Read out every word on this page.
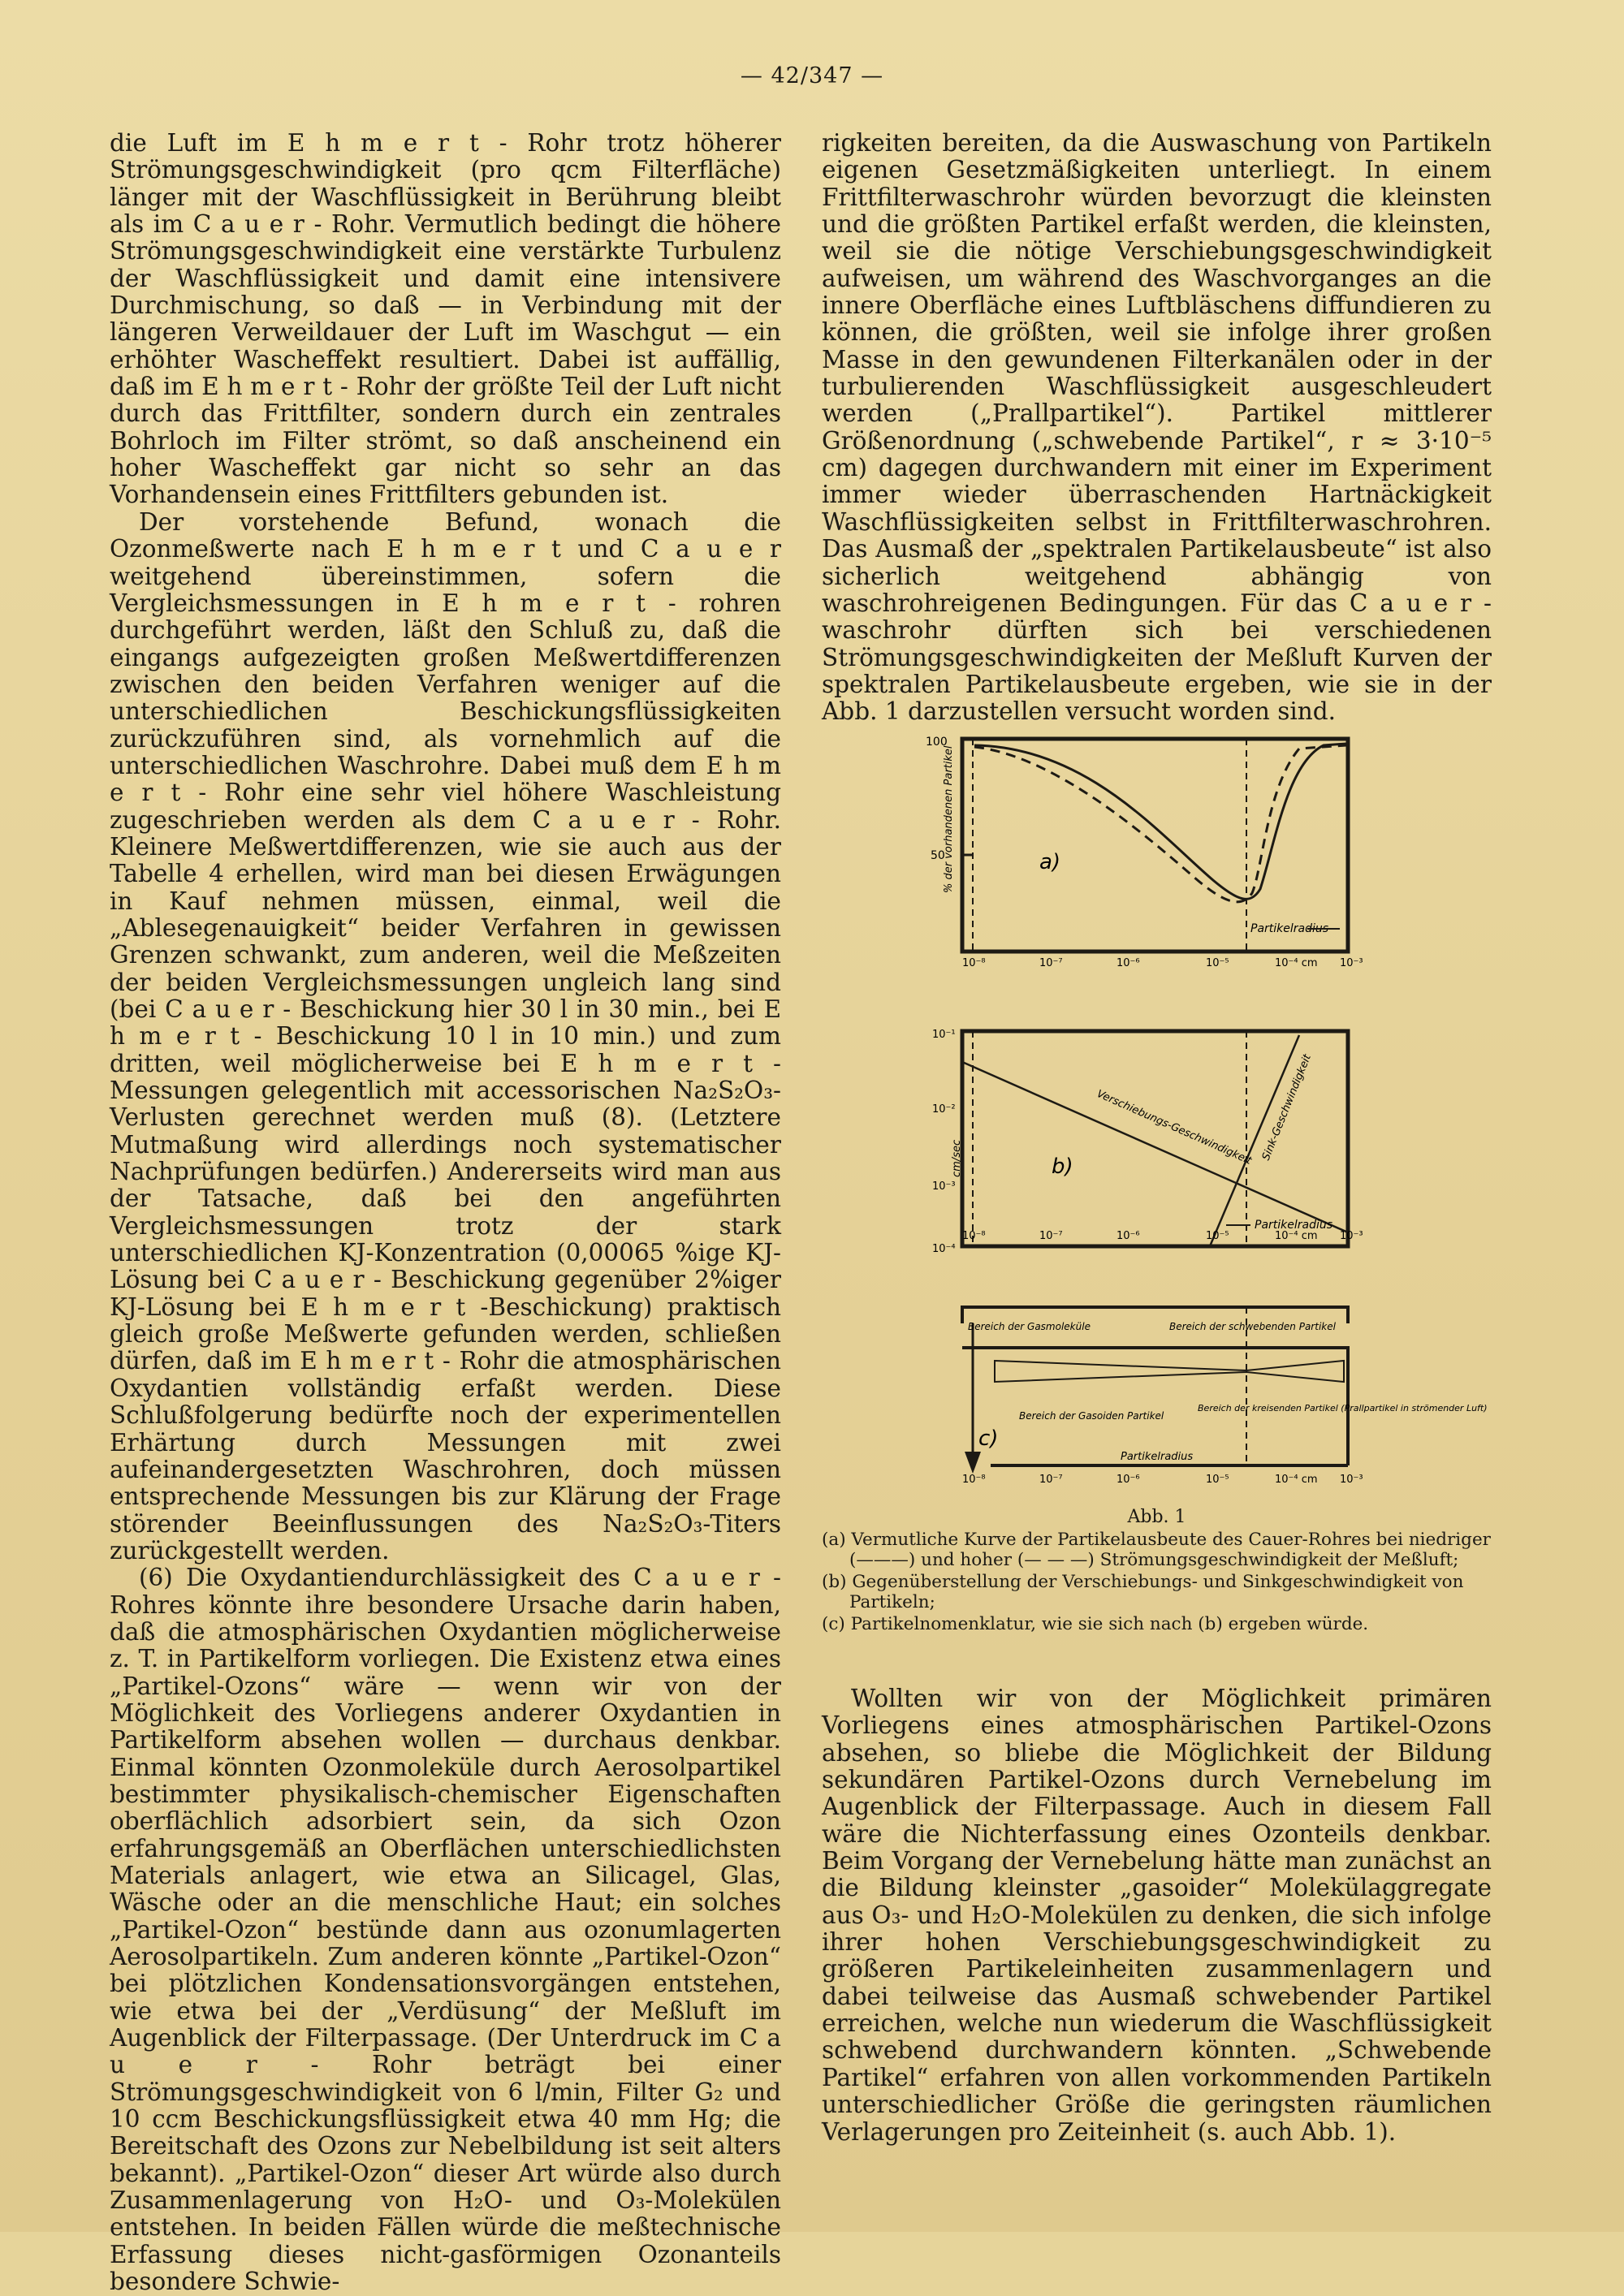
— 42/347 —

die Luft im E h m e r t - Rohr trotz höherer Strömungsgeschwindigkeit (pro qcm Filterfläche) länger mit der Waschflüssigkeit in Berührung bleibt als im C a u e r - Rohr. Vermutlich bedingt die höhere Strömungsgeschwindigkeit eine verstärkte Turbulenz der Waschflüssigkeit und damit eine intensivere Durchmischung, so daß — in Verbindung mit der längeren Verweildauer der Luft im Waschgut — ein erhöhter Wascheffekt resultiert. Dabei ist auffällig, daß im E h m e r t - Rohr der größte Teil der Luft nicht durch das Frittfilter, sondern durch ein zentrales Bohrloch im Filter strömt, so daß anscheinend ein hoher Wascheffekt gar nicht so sehr an das Vorhandensein eines Frittfilters gebunden ist.

Der vorstehende Befund, wonach die Ozonmeßwerte nach E h m e r t und C a u e r weitgehend übereinstimmen, sofern die Vergleichsmessungen in E h m e r t - rohren durchgeführt werden, läßt den Schluß zu, daß die eingangs aufgezeigten großen Meßwertdifferenzen zwischen den beiden Verfahren weniger auf die unterschiedlichen Beschickungsflüssigkeiten zurückzuführen sind, als vornehmlich auf die unterschiedlichen Waschrohre. Dabei muß dem E h m e r t - Rohr eine sehr viel höhere Waschleistung zugeschrieben werden als dem C a u e r - Rohr. Kleinere Meßwertdifferenzen, wie sie auch aus der Tabelle 4 erhellen, wird man bei diesen Erwägungen in Kauf nehmen müssen, einmal, weil die „Ablesegenauigkeit“ beider Verfahren in gewissen Grenzen schwankt, zum anderen, weil die Meßzeiten der beiden Vergleichsmessungen ungleich lang sind (bei C a u e r - Beschickung hier 30 l in 30 min., bei E h m e r t - Beschickung 10 l in 10 min.) und zum dritten, weil möglicherweise bei E h m e r t - Messungen gelegentlich mit accessorischen Na₂S₂O₃-Verlusten gerechnet werden muß (8). (Letztere Mutmaßung wird allerdings noch systematischer Nachprüfungen bedürfen.) Andererseits wird man aus der Tatsache, daß bei den angeführten Vergleichsmessungen trotz der stark unterschiedlichen KJ-Konzentration (0,00065 %ige KJ-Lösung bei C a u e r - Beschickung gegenüber 2%iger KJ-Lösung bei E h m e r t -Beschickung) praktisch gleich große Meßwerte gefunden werden, schließen dürfen, daß im E h m e r t - Rohr die atmosphärischen Oxydantien vollständig erfaßt werden. Diese Schlußfolgerung bedürfte noch der experimentellen Erhärtung durch Messungen mit zwei aufeinandergesetzten Waschrohren, doch müssen entsprechende Messungen bis zur Klärung der Frage störender Beeinflussungen des Na₂S₂O₃-Titers zurückgestellt werden.

(6) Die Oxydantiendurchlässigkeit des C a u e r -Rohres könnte ihre besondere Ursache darin haben, daß die atmosphärischen Oxydantien möglicherweise z. T. in Partikelform vorliegen. Die Existenz etwa eines „Partikel-Ozons“ wäre — wenn wir von der Möglichkeit des Vorliegens anderer Oxydantien in Partikelform absehen wollen — durchaus denkbar. Einmal könnten Ozonmoleküle durch Aerosolpartikel bestimmter physikalisch-chemischer Eigenschaften oberflächlich adsorbiert sein, da sich Ozon erfahrungsgemäß an Oberflächen unterschiedlichsten Materials anlagert, wie etwa an Silicagel, Glas, Wäsche oder an die menschliche Haut; ein solches „Partikel-Ozon“ bestünde dann aus ozonumlagerten Aerosolpartikeln. Zum anderen könnte „Partikel-Ozon“ bei plötzlichen Kondensationsvorgängen entstehen, wie etwa bei der „Verdüsung“ der Meßluft im Augenblick der Filterpassage. (Der Unterdruck im C a u e r - Rohr beträgt bei einer Strömungsgeschwindigkeit von 6 l/min, Filter G₂ und 10 ccm Beschickungsflüssigkeit etwa 40 mm Hg; die Bereitschaft des Ozons zur Nebelbildung ist seit alters bekannt). „Partikel-Ozon“ dieser Art würde also durch Zusammenlagerung von H₂O- und O₃-Molekülen entstehen. In beiden Fällen würde die meßtechnische Erfassung dieses nicht-gasförmigen Ozonanteils besondere Schwie-

rigkeiten bereiten, da die Auswaschung von Partikeln eigenen Gesetzmäßigkeiten unterliegt. In einem Frittfilterwaschrohr würden bevorzugt die kleinsten und die größten Partikel erfaßt werden, die kleinsten, weil sie die nötige Verschiebungsgeschwindigkeit aufweisen, um während des Waschvorganges an die innere Oberfläche eines Luftbläschens diffundieren zu können, die größten, weil sie infolge ihrer großen Masse in den gewundenen Filterkanälen oder in der turbulierenden Waschflüssigkeit ausgeschleudert werden („Prallpartikel“). Partikel mittlerer Größenordnung („schwebende Partikel“, r ≈ 3·10⁻⁵ cm) dagegen durchwandern mit einer im Experiment immer wieder überraschenden Hartnäckigkeit Waschflüssigkeiten selbst in Frittfilterwaschrohren. Das Ausmaß der „spektralen Partikelausbeute“ ist also sicherlich weitgehend abhängig von waschrohreigenen Bedingungen. Für das C a u e r - waschrohr dürften sich bei verschiedenen Strömungsgeschwindigkeiten der Meßluft Kurven der spektralen Partikelausbeute ergeben, wie sie in der Abb. 1 darzustellen versucht worden sind.

100
50
% der vorhandenen Partikel	a)
Partikelradius
10⁻⁸	10⁻⁷	10⁻⁶	10⁻⁵	10⁻⁴ cm 10⁻³
10⁻¹
10⁻²
10⁻³
10⁻⁴
cm/sec	Verschiebungs-Geschwindigkeit Sink-Geschwindigkeit
b)
Partikelradius
10⁻⁸	10⁻⁷	10⁻⁶	10⁻⁵	10⁻⁴ cm 10⁻³
Bereich der Gasmoleküle	Bereich der schwebenden Partikel
Bereich der Gasoiden Partikel
Bereich der kreisenden Partikel (Prallpartikel in strömender Luft)
c)
Partikelradius
10⁻⁸	10⁻⁷	10⁻⁶	10⁻⁵	10⁻⁴ cm 10⁻³
Abb. 1

(a) Vermutliche Kurve der Partikelausbeute des Cauer-Rohres bei niedriger (———) und hoher (— — —) Strömungsgeschwindigkeit der Meßluft;

(b) Gegenüberstellung der Verschiebungs- und Sinkgeschwindigkeit von Partikeln;

(c) Partikelnomenklatur, wie sie sich nach (b) ergeben würde.

Wollten wir von der Möglichkeit primären Vorliegens eines atmosphärischen Partikel-Ozons absehen, so bliebe die Möglichkeit der Bildung sekundären Partikel-Ozons durch Vernebelung im Augenblick der Filterpassage. Auch in diesem Fall wäre die Nichterfassung eines Ozonteils denkbar. Beim Vorgang der Vernebelung hätte man zunächst an die Bildung kleinster „gasoider“ Molekülaggregate aus O₃- und H₂O-Molekülen zu denken, die sich infolge ihrer hohen Verschiebungsgeschwindigkeit zu größeren Partikeleinheiten zusammenlagern und dabei teilweise das Ausmaß schwebender Partikel erreichen, welche nun wiederum die Waschflüssigkeit schwebend durchwandern könnten. „Schwebende Partikel“ erfahren von allen vorkommenden Partikeln unterschiedlicher Größe die geringsten räumlichen Verlagerungen pro Zeiteinheit (s. auch Abb. 1).
